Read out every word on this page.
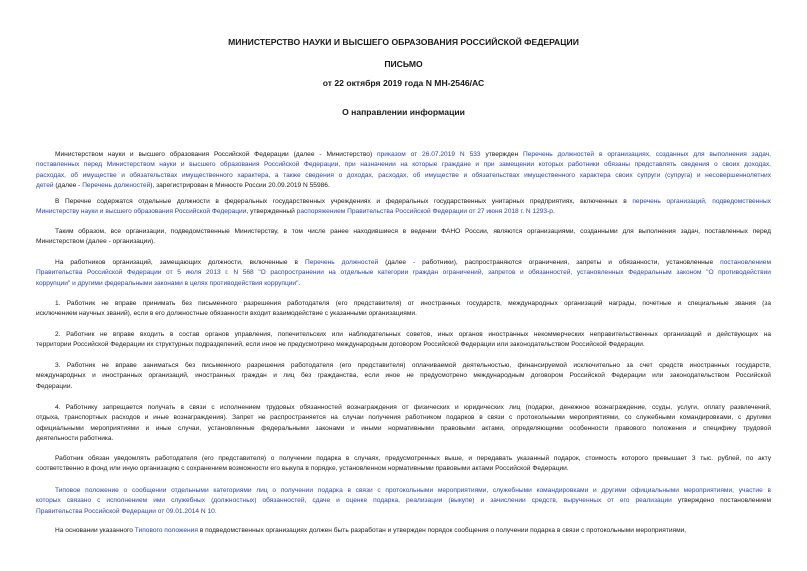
МИНИСТЕРСТВО НАУКИ И ВЫСШЕГО ОБРАЗОВАНИЯ РОССИЙСКОЙ ФЕДЕРАЦИИ

ПИСЬМО

от 22 октября 2019 года N МН-2546/АС

О направлении информации

Министерством науки и высшего образования Российской Федерации (далее - Министерство) приказом от 26.07.2019 N 533 утвержден Перечень должностей в организациях, созданных для выполнения задач,
поставленных перед Министерством науки и высшего образования Российской Федерации, при назначении на которые граждане и при замещении которых работники обязаны представлять сведения о своих доходах,
расходах, об имуществе и обязательствах имущественного характера, а также сведения о доходах, расходах, об имуществе и обязательствах имущественного характера своих супруги (супруга) и несовершеннолетних
детей (далее - Перечень должностей), зарегистрирован в Минюсте России 20.09.2019 N 55986.
В Перечне содержатся отдельные должности в федеральных государственных учреждениях и федеральных государственных унитарных предприятиях, включенных в перечень организаций, подведомственных
Министерству науки и высшего образования Российской Федерации, утвержденный распоряжением Правительства Российской Федерации от 27 июня 2018 г. N 1293-р.
Таким образом, все организации, подведомственные Министерству, в том числе ранее находившиеся в ведении ФАНО России, являются организациями, созданными для выполнения задач, поставленных перед
Министерством (далее - организации).
На работников организаций, замещающих должности, включенные в Перечень должностей (далее - работники), распространяются ограничения, запреты и обязанности, установленные постановлением
Правительства Российской Федерации от 5 июля 2013 г. N 568 "О распространении на отдельные категории граждан ограничений, запретов и обязанностей, установленных Федеральным законом "О противодействии
коррупции" и другими федеральными законами в целях противодействия коррупции".
1. Работник не вправе принимать без письменного разрешения работодателя (его представителя) от иностранных государств, международных организаций награды, почетные и специальные звания (за
исключением научных званий), если в его должностные обязанности входит взаимодействие с указанными организациями.
2. Работник не вправе входить в состав органов управления, попечительских или наблюдательных советов, иных органов иностранных некоммерческих неправительственных организаций и действующих на
территории Российской Федерации их структурных подразделений, если иное не предусмотрено международным договором Российской Федерации или законодательством Российской Федерации.
3. Работник не вправе заниматься без письменного разрешения работодателя (его представителя) оплачиваемой деятельностью, финансируемой исключительно за счет средств иностранных государств,
международных и иностранных организаций, иностранных граждан и лиц без гражданства, если иное не предусмотрено международным договором Российской Федерации или законодательством Российской
Федерации.
4. Работнику запрещается получать в связи с исполнением трудовых обязанностей вознаграждения от физических и юридических лиц (подарки, денежное вознаграждение, ссуды, услуги, оплату развлечений,
отдыха, транспортных расходов и иные вознаграждения). Запрет не распространяется на случаи получения работником подарков в связи с протокольными мероприятиями, со служебными командировками, с другими
официальными мероприятиями и иные случаи, установленные федеральными законами и иными нормативными правовыми актами, определяющими особенности правового положения и специфику трудовой
деятельности работника.
Работник обязан уведомлять работодателя (его представителя) о получении подарка в случаях, предусмотренных выше, и передавать указанный подарок, стоимость которого превышает 3 тыс. рублей, по акту
соответственно в фонд или иную организацию с сохранением возможности его выкупа в порядке, установленном нормативными правовыми актами Российской Федерации.
Типовое положение о сообщении отдельными категориями лиц о получении подарка в связи с протокольными мероприятиями, служебными командировками и другими официальными мероприятиями, участие в
которых связано с исполнением ими служебных (должностных) обязанностей, сдаче и оценке подарка, реализации (выкупе) и зачислении средств, вырученных от его реализации утверждено постановлением
Правительства Российской Федерации от 09.01.2014 N 10.
На основании указанного Типового положения в подведомственных организациях должен быть разработан и утвержден порядок сообщения о получении подарка в связи с протокольными мероприятиями,
